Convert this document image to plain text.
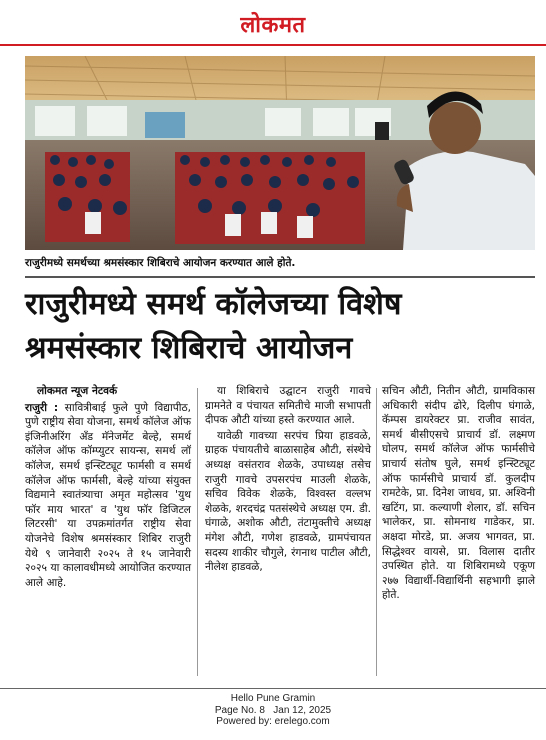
लोकमत
राजुरीमध्ये समर्थच्या श्रमसंस्कार शिबिराचे आयोजन करण्यात आले होते.
राजुरीमध्ये समर्थ कॉलेजच्या विशेष
श्रमसंस्कार शिबिराचे आयोजन
लोकमत न्यूज नेटवर्क

राजुरी : सावित्रीबाई फुले पुणे विद्यापीठ, पुणे राष्ट्रीय सेवा योजना, समर्थ कॉलेज ऑफ इंजिनीअरिंग अँड मॅनेजमेंट बेल्हे, समर्थ कॉलेज ऑफ कॉम्प्युटर सायन्स, समर्थ लॉ कॉलेज, समर्थ इन्स्टिट्यूट फार्मसी व समर्थ कॉलेज ऑफ फार्मसी, बेल्हे यांच्या संयुक्त विद्यमाने स्वातंत्र्याचा अमृत महोत्सव 'युथ फॉर माय भारत' व 'युथ फॉर डिजिटल लिटरसी' या उपक्रमांतर्गत राष्ट्रीय सेवा योजनेचे विशेष श्रमसंस्कार शिबिर राजुरी येथे ९ जानेवारी २०२५ ते १५ जानेवारी २०२५ या कालावधीमध्ये आयोजित करण्यात आले आहे.

या शिबिराचे उद्घाटन राजुरी गावचे ग्रामनेते व पंचायत समितीचे माजी सभापती दीपक औटी यांच्या हस्ते करण्यात आले.

यावेळी गावच्या सरपंच प्रिया हाडवळे, ग्राहक पंचायतीचे बाळासाहेब औटी, संस्थेचे अध्यक्ष वसंतराव शेळके, उपाध्यक्ष तसेच राजुरी गावचे उपसरपंच माउली शेळके, सचिव विवेक शेळके, विश्वस्त वल्लभ शेळके, शरदचंद्र पतसंस्थेचे अध्यक्ष एम. डी. घंगाळे, अशोक औटी, तंटामुक्तीचे अध्यक्ष मंगेश औटी, गणेश हाडवळे, ग्रामपंचायत सदस्य शाकीर चौगुले, रंगनाथ पाटील औटी, नीलेश हाडवळे,

सचिन औटी, नितीन औटी, ग्रामविकास अधिकारी संदीप ढोरे, दिलीप घंगाळे, कॅम्पस डायरेक्टर प्रा. राजीव सावंत, समर्थ बीसीएसचे प्राचार्य डॉ. लक्ष्मण घोलप, समर्थ कॉलेज ऑफ फार्मसीचे प्राचार्य संतोष घुले, समर्थ इन्स्टिट्यूट ऑफ फार्मसीचे प्राचार्य डॉ. कुलदीप रामटेके, प्रा. दिनेश जाधव, प्रा. अश्विनी खटिंग, प्रा. कल्याणी शेलार, डॉ. सचिन भालेकर, प्रा. सोमनाथ गाडेकर, प्रा. अक्षदा मोरडे, प्रा. अजय भागवत, प्रा. सिद्धेश्वर वायसे, प्रा. विलास दातीर उपस्थित होते. या शिबिरामध्ये एकूण २७७ विद्यार्थी-विद्यार्थिनी सहभागी झाले होते.

Hello Pune Gramin
Page No. 8   Jan 12, 2025
Powered by: erelego.com
